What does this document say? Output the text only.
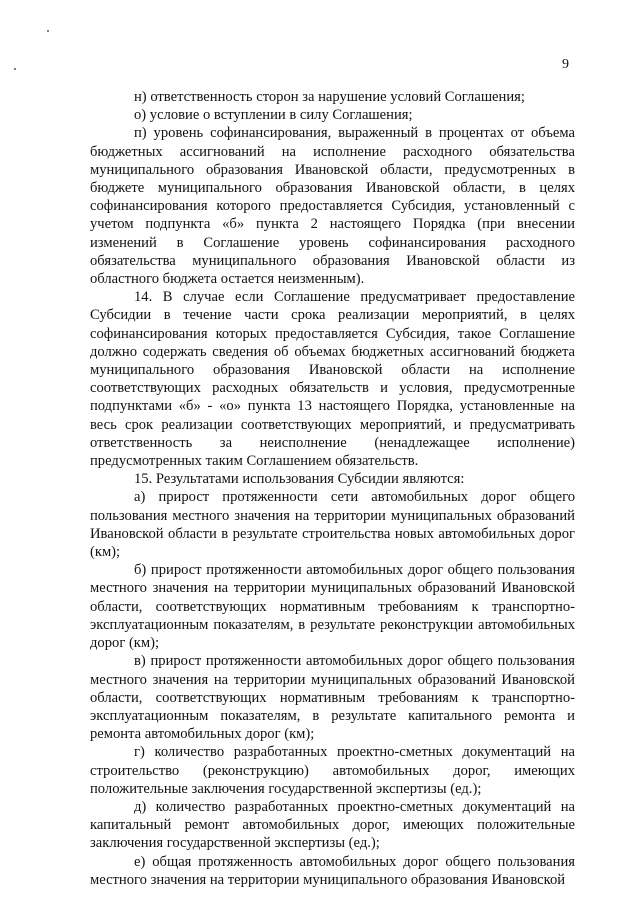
9

н) ответственность сторон за нарушение условий Соглашения;

о) условие о вступлении в силу Соглашения;

п) уровень софинансирования, выраженный в процентах от объема бюджетных ассигнований на исполнение расходного обязательства муниципального образования Ивановской области, предусмотренных в бюджете муниципального образования Ивановской области, в целях софинансирования которого предоставляется Субсидия, установленный с учетом подпункта «б» пункта 2 настоящего Порядка (при внесении изменений в Соглашение уровень софинансирования расходного обязательства муниципального образования Ивановской области из областного бюджета остается неизменным).

14. В случае если Соглашение предусматривает предоставление Субсидии в течение части срока реализации мероприятий, в целях софинансирования которых предоставляется Субсидия, такое Соглашение должно содержать сведения об объемах бюджетных ассигнований бюджета муниципального образования Ивановской области на исполнение соответствующих расходных обязательств и условия, предусмотренные подпунктами «б» - «о» пункта 13 настоящего Порядка, установленные на весь срок реализации соответствующих мероприятий, и предусматривать ответственность за неисполнение (ненадлежащее исполнение) предусмотренных таким Соглашением обязательств.

15. Результатами использования Субсидии являются:

а) прирост протяженности сети автомобильных дорог общего пользования местного значения на территории муниципальных образований Ивановской области в результате строительства новых автомобильных дорог (км);

б) прирост протяженности автомобильных дорог общего пользования местного значения на территории муниципальных образований Ивановской области, соответствующих нормативным требованиям к транспортно-эксплуатационным показателям, в результате реконструкции автомобильных дорог (км);

в) прирост протяженности автомобильных дорог общего пользования местного значения на территории муниципальных образований Ивановской области, соответствующих нормативным требованиям к транспортно-эксплуатационным показателям, в результате капитального ремонта и ремонта автомобильных дорог (км);

г) количество разработанных проектно-сметных документаций на строительство (реконструкцию) автомобильных дорог, имеющих положительные заключения государственной экспертизы (ед.);

д) количество разработанных проектно-сметных документаций на капитальный ремонт автомобильных дорог, имеющих положительные заключения государственной экспертизы (ед.);

е) общая протяженность автомобильных дорог общего пользования местного значения на территории муниципального образования Ивановской
